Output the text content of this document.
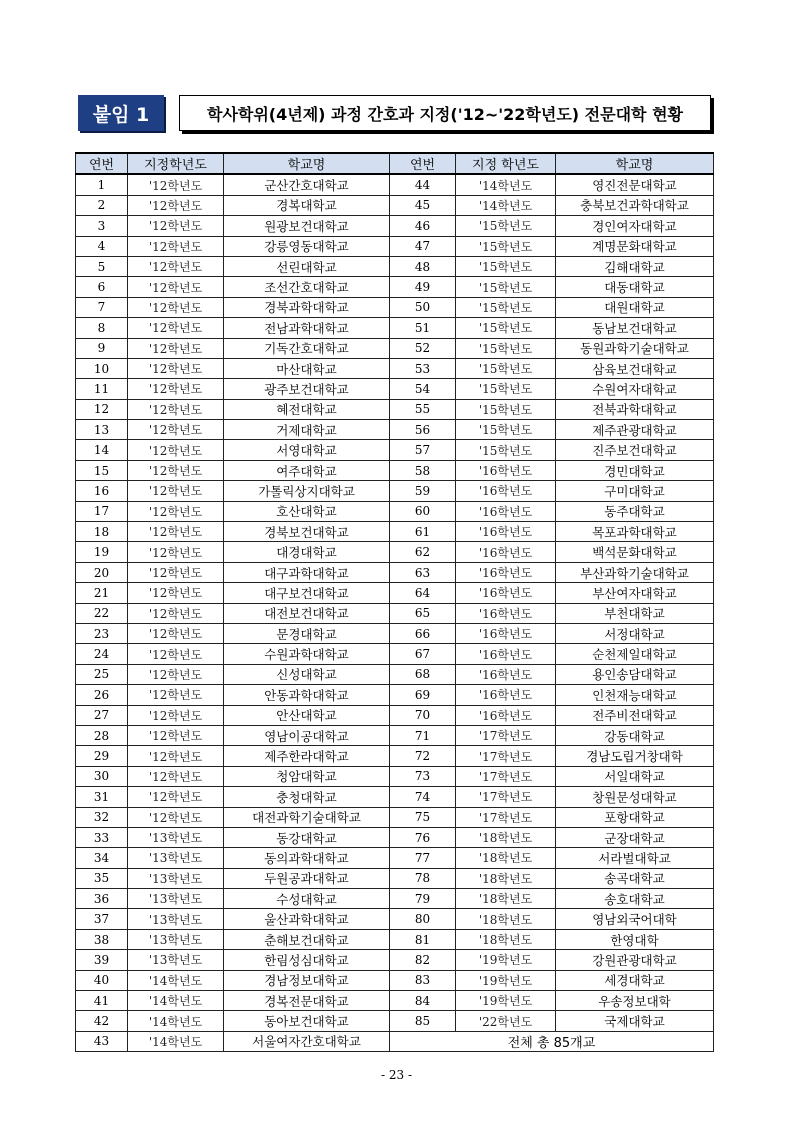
붙임 1	학사학위(4년제) 과정 간호과 지정('12~'22학년도) 전문대학 현황
연번	지정학년도	학교명	연번	지정 학년도	학교명
1	'12학년도	군산간호대학교	44	'14학년도	영진전문대학교
2	'12학년도	경복대학교	45	'14학년도	충북보건과학대학교
3	'12학년도	원광보건대학교	46	'15학년도	경인여자대학교
4	'12학년도	강릉영동대학교	47	'15학년도	계명문화대학교
5	'12학년도	선린대학교	48	'15학년도	김해대학교
6	'12학년도	조선간호대학교	49	'15학년도	대동대학교
7	'12학년도	경북과학대학교	50	'15학년도	대원대학교
8	'12학년도	전남과학대학교	51	'15학년도	동남보건대학교
9	'12학년도	기독간호대학교	52	'15학년도	동원과학기술대학교
10	'12학년도	마산대학교	53	'15학년도	삼육보건대학교
11	'12학년도	광주보건대학교	54	'15학년도	수원여자대학교
12	'12학년도	혜전대학교	55	'15학년도	전북과학대학교
13	'12학년도	거제대학교	56	'15학년도	제주관광대학교
14	'12학년도	서영대학교	57	'15학년도	진주보건대학교
15	'12학년도	여주대학교	58	'16학년도	경민대학교
16	'12학년도	가톨릭상지대학교	59	'16학년도	구미대학교
17	'12학년도	호산대학교	60	'16학년도	동주대학교
18	'12학년도	경북보건대학교	61	'16학년도	목포과학대학교
19	'12학년도	대경대학교	62	'16학년도	백석문화대학교
20	'12학년도	대구과학대학교	63	'16학년도	부산과학기술대학교
21	'12학년도	대구보건대학교	64	'16학년도	부산여자대학교
22	'12학년도	대전보건대학교	65	'16학년도	부천대학교
23	'12학년도	문경대학교	66	'16학년도	서정대학교
24	'12학년도	수원과학대학교	67	'16학년도	순천제일대학교
25	'12학년도	신성대학교	68	'16학년도	용인송담대학교
26	'12학년도	안동과학대학교	69	'16학년도	인천재능대학교
27	'12학년도	안산대학교	70	'16학년도	전주비전대학교
28	'12학년도	영남이공대학교	71	'17학년도	강동대학교
29	'12학년도	제주한라대학교	72	'17학년도	경남도립거창대학
30	'12학년도	청암대학교	73	'17학년도	서일대학교
31	'12학년도	충청대학교	74	'17학년도	창원문성대학교
32	'12학년도	대전과학기술대학교	75	'17학년도	포항대학교
33	'13학년도	동강대학교	76	'18학년도	군장대학교
34	'13학년도	동의과학대학교	77	'18학년도	서라벌대학교
35	'13학년도	두원공과대학교	78	'18학년도	송곡대학교
36	'13학년도	수성대학교	79	'18학년도	송호대학교
37	'13학년도	울산과학대학교	80	'18학년도	영남외국어대학
38	'13학년도	춘해보건대학교	81	'18학년도	한영대학
39	'13학년도	한림성심대학교	82	'19학년도	강원관광대학교
40	'14학년도	경남정보대학교	83	'19학년도	세경대학교
41	'14학년도	경복전문대학교	84	'19학년도	우송정보대학
42	'14학년도	동아보건대학교	85	'22학년도	국제대학교
43	'14학년도	서울여자간호대학교	전체 총 85개교		
- 23 -
